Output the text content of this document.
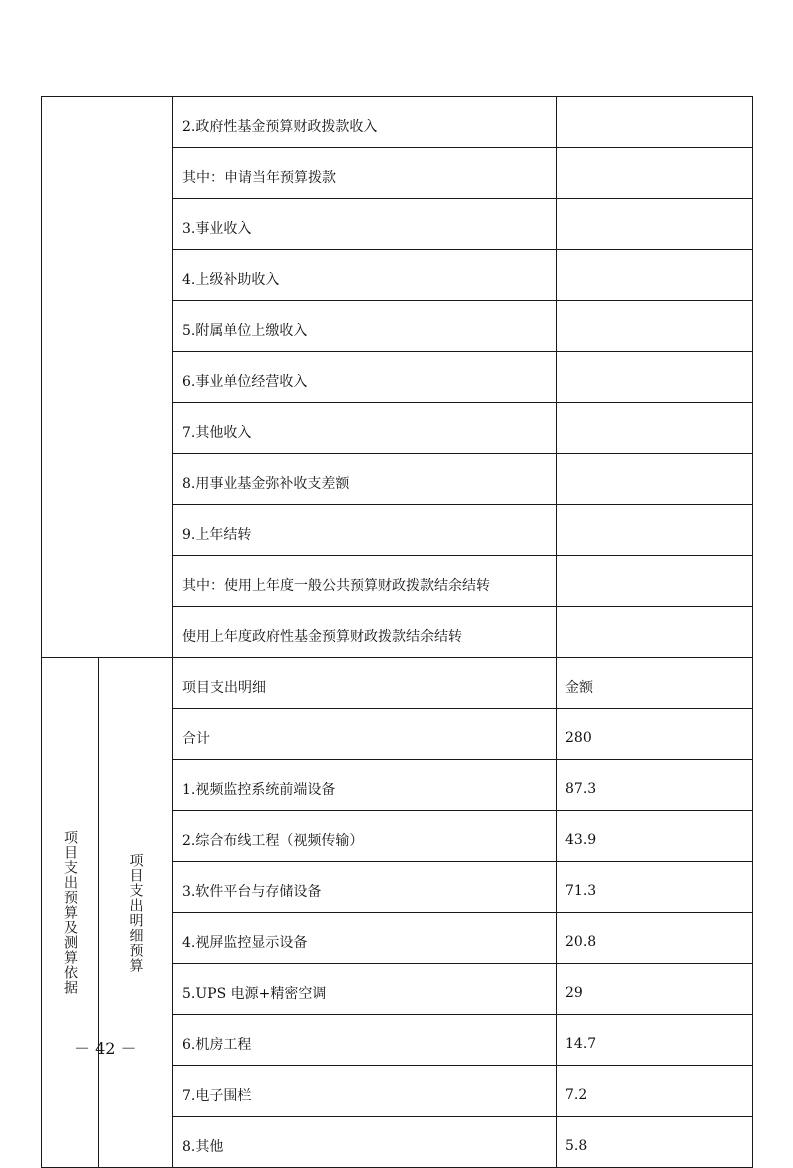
		2.政府性基金预算财政拨款收入	
		其中：申请当年预算拨款	
		3.事业收入	
		4.上级补助收入	
		5.附属单位上缴收入	
		6.事业单位经营收入	
		7.其他收入	
		8.用事业基金弥补收支差额	
		9.上年结转	
		其中：使用上年度一般公共预算财政拨款结余结转	
		使用上年度政府性基金预算财政拨款结余结转	
项目支出预算及测算依据	项目支出明细预算	项目支出明细	金额
		合计	280
		1.视频监控系统前端设备	87.3
		2.综合布线工程（视频传输）	43.9
		3.软件平台与存储设备	71.3
		4.视屏监控显示设备	20.8
		5.UPS 电源+精密空调	29
		6.机房工程	14.7
		7.电子围栏	7.2
		8.其他	5.8
－ 42 －
